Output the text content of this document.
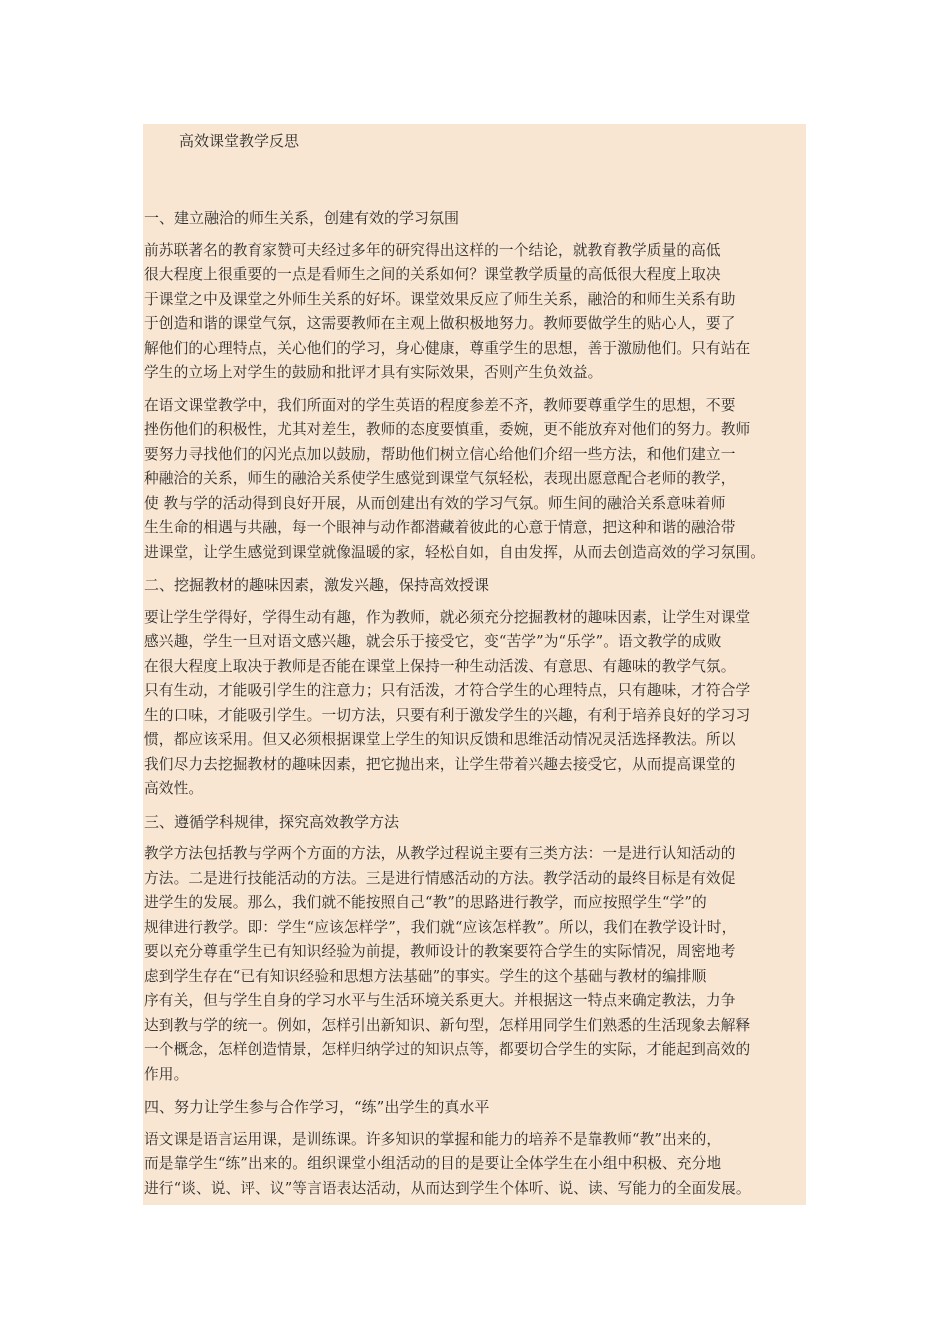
高效课堂教学反思
一、建立融洽的师生关系，创建有效的学习氛围
前苏联著名的教育家赞可夫经过多年的研究得出这样的一个结论，就教育教学质量的高低
很大程度上很重要的一点是看师生之间的关系如何？课堂教学质量的高低很大程度上取决
于课堂之中及课堂之外师生关系的好坏。课堂效果反应了师生关系，融洽的和师生关系有助
于创造和谐的课堂气氛，这需要教师在主观上做积极地努力。教师要做学生的贴心人，要了
解他们的心理特点，关心他们的学习，身心健康，尊重学生的思想，善于激励他们。只有站在
学生的立场上对学生的鼓励和批评才具有实际效果，否则产生负效益。
在语文课堂教学中，我们所面对的学生英语的程度参差不齐，教师要尊重学生的思想，不要
挫伤他们的积极性，尤其对差生，教师的态度要慎重，委婉，更不能放弃对他们的努力。教师
要努力寻找他们的闪光点加以鼓励，帮助他们树立信心给他们介绍一些方法，和他们建立一
种融洽的关系，师生的融洽关系使学生感觉到课堂气氛轻松，表现出愿意配合老师的教学，
使 教与学的活动得到良好开展，从而创建出有效的学习气氛。师生间的融洽关系意味着师
生生命的相遇与共融，每一个眼神与动作都潜藏着彼此的心意于情意，把这种和谐的融洽带
进课堂，让学生感觉到课堂就像温暖的家，轻松自如，自由发挥，从而去创造高效的学习氛围。
二、挖掘教材的趣味因素，激发兴趣，保持高效授课
要让学生学得好，学得生动有趣，作为教师，就必须充分挖掘教材的趣味因素，让学生对课堂
感兴趣，学生一旦对语文感兴趣，就会乐于接受它，变“苦学”为“乐学”。语文教学的成败
在很大程度上取决于教师是否能在课堂上保持一种生动活泼、有意思、有趣味的教学气氛。
只有生动，才能吸引学生的注意力；只有活泼，才符合学生的心理特点，只有趣味，才符合学
生的口味，才能吸引学生。一切方法，只要有利于激发学生的兴趣，有利于培养良好的学习习
惯，都应该采用。但又必须根据课堂上学生的知识反馈和思维活动情况灵活选择教法。所以
我们尽力去挖掘教材的趣味因素，把它抛出来，让学生带着兴趣去接受它，从而提高课堂的
高效性。
三、遵循学科规律，探究高效教学方法
教学方法包括教与学两个方面的方法，从教学过程说主要有三类方法：一是进行认知活动的
方法。二是进行技能活动的方法。三是进行情感活动的方法。教学活动的最终目标是有效促
进学生的发展。那么，我们就不能按照自己“教”的思路进行教学，而应按照学生“学”的
规律进行教学。即：学生“应该怎样学”，我们就“应该怎样教”。所以，我们在教学设计时，
要以充分尊重学生已有知识经验为前提，教师设计的教案要符合学生的实际情况，周密地考
虑到学生存在“已有知识经验和思想方法基础”的事实。学生的这个基础与教材的编排顺
序有关，但与学生自身的学习水平与生活环境关系更大。并根据这一特点来确定教法，力争
达到教与学的统一。例如，怎样引出新知识、新句型，怎样用同学生们熟悉的生活现象去解释
一个概念，怎样创造情景，怎样归纳学过的知识点等，都要切合学生的实际，才能起到高效的
作用。
四、努力让学生参与合作学习，“练”出学生的真水平
语文课是语言运用课，是训练课。许多知识的掌握和能力的培养不是靠教师“教”出来的，
而是靠学生“练”出来的。组织课堂小组活动的目的是要让全体学生在小组中积极、充分地
进行“谈、说、评、议”等言语表达活动，从而达到学生个体听、说、读、写能力的全面发展。
